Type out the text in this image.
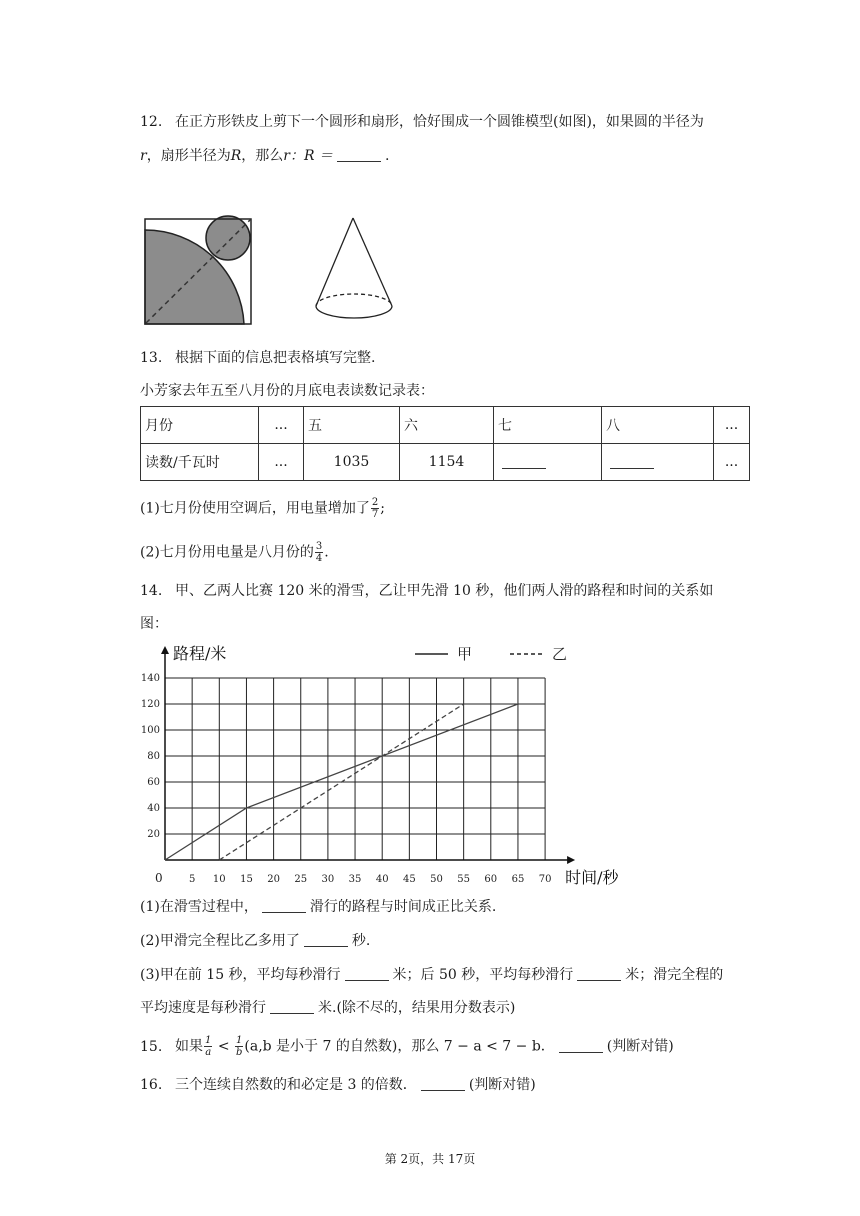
12. 在正方形铁皮上剪下一个圆形和扇形，恰好围成一个圆锥模型(如图)，如果圆的半径为
r，扇形半径为R，那么r：R ＝	.
13. 根据下面的信息把表格填写完整.
小芳家去年五至八月份的月底电表读数记录表：
月份	...	五	六	七	八	...
读数/千瓦时	...	1035	1154			...
(1)七月份使用空调后，用电量增加了 $\frac{2}{7}$ ;
(2)七月份用电量是八月份的 $\frac{3}{4}$ .
14. 甲、乙两人比赛 120 米的滑雪，乙让甲先滑 10 秒，他们两人滑的路程和时间的关系如
图：
5 10 15 20 25 30 35 40 45 50 55 60 65 70
20
40
60
80
100
120
140
0
路程/米
时间/秒
甲	乙
(1)在滑雪过程中，	滑行的路程与时间成正比关系.
(2)甲滑完全程比乙多用了	秒.
(3)甲在前 15 秒，平均每秒滑行	米；后 50 秒，平均每秒滑行	米；滑完全程的
平均速度是每秒滑行	米.(除不尽的，结果用分数表示)
15. 如果 $\frac{1}{a} < \frac{1}{b} (a,b$ 是小于 7 的自然数)，那么 7 − a < 7 − b．	(判断对错)
16. 三个连续自然数的和必定是 3 的倍数．	(判断对错)
第 2页，共 17页
